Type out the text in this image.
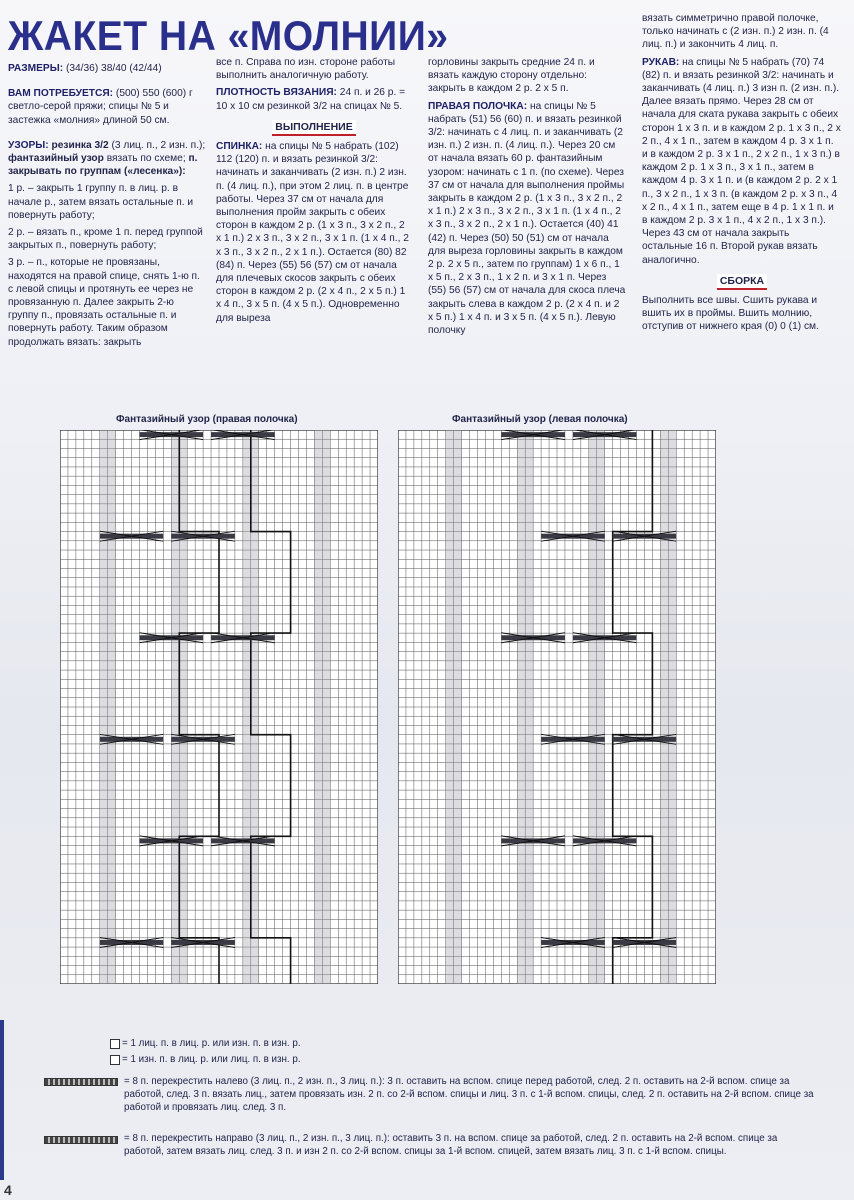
ЖАКЕТ НА «МОЛНИИ»

РАЗМЕРЫ: (34/36) 38/40 (42/44)

ВАМ ПОТРЕБУЕТСЯ: (500) 550 (600) г светло-серой пряжи; спицы № 5 и застежка «молния» длиной 50 см.

УЗОРЫ: резинка 3/2 (3 лиц. п., 2 изн. п.); фантазийный узор вязать по схеме; п. закрывать по группам («лесенка»):

1 р. – закрыть 1 группу п. в лиц. р. в начале р., затем вязать остальные п. и повернуть работу;

2 р. – вязать п., кроме 1 п. перед группой закрытых п., повернуть работу;

3 р. – п., которые не провязаны, находятся на правой спице, снять 1-ю п. с левой спицы и протянуть ее через не провязанную п. Далее закрыть 2-ю группу п., провязать остальные п. и повернуть работу. Таким образом продолжать вязать: закрыть

все п. Справа по изн. стороне работы выполнить аналогичную работу.

ПЛОТНОСТЬ ВЯЗАНИЯ: 24 п. и 26 р. = 10 х 10 см резинкой 3/2 на спицах № 5.

ВЫПОЛНЕНИЕ

СПИНКА: на спицы № 5 набрать (102) 112 (120) п. и вязать резинкой 3/2: начинать и заканчивать (2 изн. п.) 2 изн. п. (4 лиц. п.), при этом 2 лиц. п. в центре работы. Через 37 см от начала для выполнения пройм закрыть с обеих сторон в каждом 2 р. (1 х 3 п., 3 х 2 п., 2 х 1 п.) 2 х 3 п., 3 х 2 п., 3 х 1 п. (1 х 4 п., 2 х 3 п., 3 х 2 п., 2 х 1 п.). Остается (80) 82 (84) п. Через (55) 56 (57) см от начала для плечевых скосов закрыть с обеих сторон в каждом 2 р. (2 х 4 п., 2 х 5 п.) 1 х 4 п., 3 х 5 п. (4 х 5 п.). Одновременно для выреза

горловины закрыть средние 24 п. и вязать каждую сторону отдельно: закрыть в каждом 2 р. 2 х 5 п.

ПРАВАЯ ПОЛОЧКА: на спицы № 5 набрать (51) 56 (60) п. и вязать резинкой 3/2: начинать с 4 лиц. п. и заканчивать (2 изн. п.) 2 изн. п. (4 лиц. п.). Через 20 см от начала вязать 60 р. фантазийным узором: начинать с 1 п. (по схеме). Через 37 см от начала для выполнения проймы закрыть в каждом 2 р. (1 х 3 п., 3 х 2 п., 2 х 1 п.) 2 х 3 п., 3 х 2 п., 3 х 1 п. (1 х 4 п., 2 х 3 п., 3 х 2 п., 2 х 1 п.). Остается (40) 41 (42) п. Через (50) 50 (51) см от начала для выреза горловины закрыть в каждом 2 р. 2 х 5 п., затем по группам) 1 х 6 п., 1 х 5 п., 2 х 3 п., 1 х 2 п. и 3 х 1 п. Через (55) 56 (57) см от начала для скоса плеча закрыть слева в каждом 2 р. (2 х 4 п. и 2 х 5 п.) 1 х 4 п. и 3 х 5 п. (4 х 5 п.). Левую полочку

вязать симметрично правой полочке, только начинать с (2 изн. п.) 2 изн. п. (4 лиц. п.) и закончить 4 лиц. п.

РУКАВ: на спицы № 5 набрать (70) 74 (82) п. и вязать резинкой 3/2: начинать и заканчивать (4 лиц. п.) 3 изн п. (2 изн. п.). Далее вязать прямо. Через 28 см от начала для ската рукава закрыть с обеих сторон 1 х 3 п. и в каждом 2 р. 1 х 3 п., 2 х 2 п., 4 х 1 п., затем в каждом 4 р. 3 х 1 п. и в каждом 2 р. 3 х 1 п., 2 х 2 п., 1 х 3 п.) в каждом 2 р. 1 х 3 п., 3 х 1 п., затем в каждом 4 р. 3 х 1 п. и (в каждом 2 р. 2 х 1 п., 3 х 2 п., 1 х 3 п. (в каждом 2 р. х 3 п., 4 х 2 п., 4 х 1 п., затем еще в 4 р. 1 х 1 п. и в каждом 2 р. 3 х 1 п., 4 х 2 п., 1 х 3 п.). Через 43 см от начала закрыть остальные 16 п. Второй рукав вязать аналогично.

СБОРКА

Выполнить все швы. Сшить рукава и вшить их в проймы. Вшить молнию, отступив от нижнего края (0) 0 (1) см.

Фантазийный узор (правая полочка)	Фантазийный узор (левая полочка)
= 1 лиц. п. в лиц. р. или изн. п. в изн. р.
= 1 изн. п. в лиц. р. или лиц. п. в изн. р.
= 8 п. перекрестить налево (3 лиц. п., 2 изн. п., 3 лиц. п.): 3 п. оставить на вспом. спице перед работой, след. 2 п. оставить на 2-й вспом. спице за работой, след. 3 п. вязать лиц., затем провязать изн. 2 п. со 2-й вспом. спицы и лиц. 3 п. с 1-й вспом. спицы, след. 2 п. оставить на 2-й вспом. спице за работой и провязать лиц. след. 3 п.
= 8 п. перекрестить направо (3 лиц. п., 2 изн. п., 3 лиц. п.): оставить 3 п. на вспом. спице за работой, след. 2 п. оставить на 2-й вспом. спице за работой, затем вязать лиц. след. 3 п. и изн 2 п. со 2-й вспом. спицы за 1-й вспом. спицей, затем вязать лиц. 3 п. с 1-й вспом. спицы.
4
